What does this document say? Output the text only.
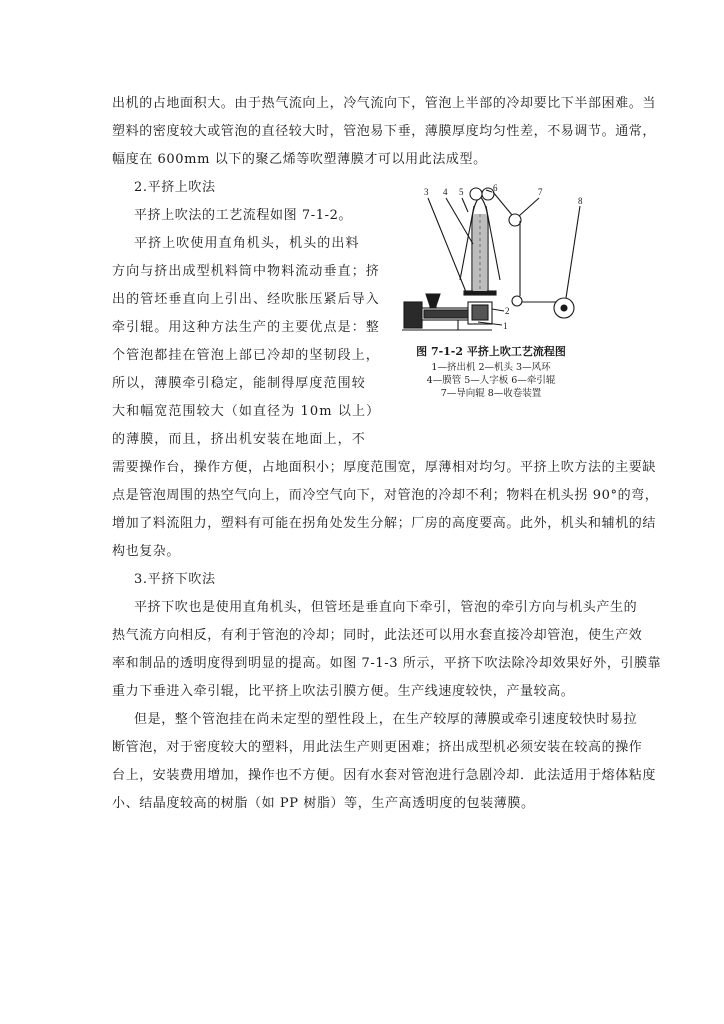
出机的占地面积大。由于热气流向上，冷气流向下，管泡上半部的冷却要比下半部困难。当
塑料的密度较大或管泡的直径较大时，管泡易下垂，薄膜厚度均匀性差，不易调节。通常，
幅度在 600mm 以下的聚乙烯等吹塑薄膜才可以用此法成型。
2.平挤上吹法
平挤上吹法的工艺流程如图 7-1-2。
平挤上吹使用直角机头，机头的出料
方向与挤出成型机料筒中物料流动垂直；挤
出的管坯垂直向上引出、经吹胀压紧后导入
牵引辊。用这种方法生产的主要优点是：整
个管泡都挂在管泡上部已冷却的坚韧段上，
所以，薄膜牵引稳定，能制得厚度范围较
大和幅宽范围较大（如直径为 10m 以上）
的薄膜，而且，挤出机安装在地面上，不
需要操作台，操作方便，占地面积小；厚度范围宽，厚薄相对均匀。平挤上吹方法的主要缺
点是管泡周围的热空气向上，而冷空气向下，对管泡的冷却不利；物料在机头拐 90°的弯，
增加了料流阻力，塑料有可能在拐角处发生分解；厂房的高度要高。此外，机头和辅机的结
构也复杂。
3 4 5	6	7
8
2
1
图 7-1-2 平挤上吹工艺流程图
1—挤出机 2—机头 3—风环
4—膜管 5—人字板 6—牵引辊
7—导向辊 8—收卷装置
3.平挤下吹法
平挤下吹也是使用直角机头，但管坯是垂直向下牵引，管泡的牵引方向与机头产生的
热气流方向相反，有利于管泡的冷却；同时，此法还可以用水套直接冷却管泡，使生产效
率和制品的透明度得到明显的提高。如图 7-1-3 所示，平挤下吹法除冷却效果好外，引膜靠
重力下垂进入牵引辊，比平挤上吹法引膜方便。生产线速度较快，产量较高。
但是，整个管泡挂在尚未定型的塑性段上，在生产较厚的薄膜或牵引速度较快时易拉
断管泡，对于密度较大的塑料，用此法生产则更困难；挤出成型机必须安装在较高的操作
台上，安装费用增加，操作也不方便。因有水套对管泡进行急剧冷却．此法适用于熔体粘度
小、结晶度较高的树脂（如 PP 树脂）等，生产高透明度的包装薄膜。
